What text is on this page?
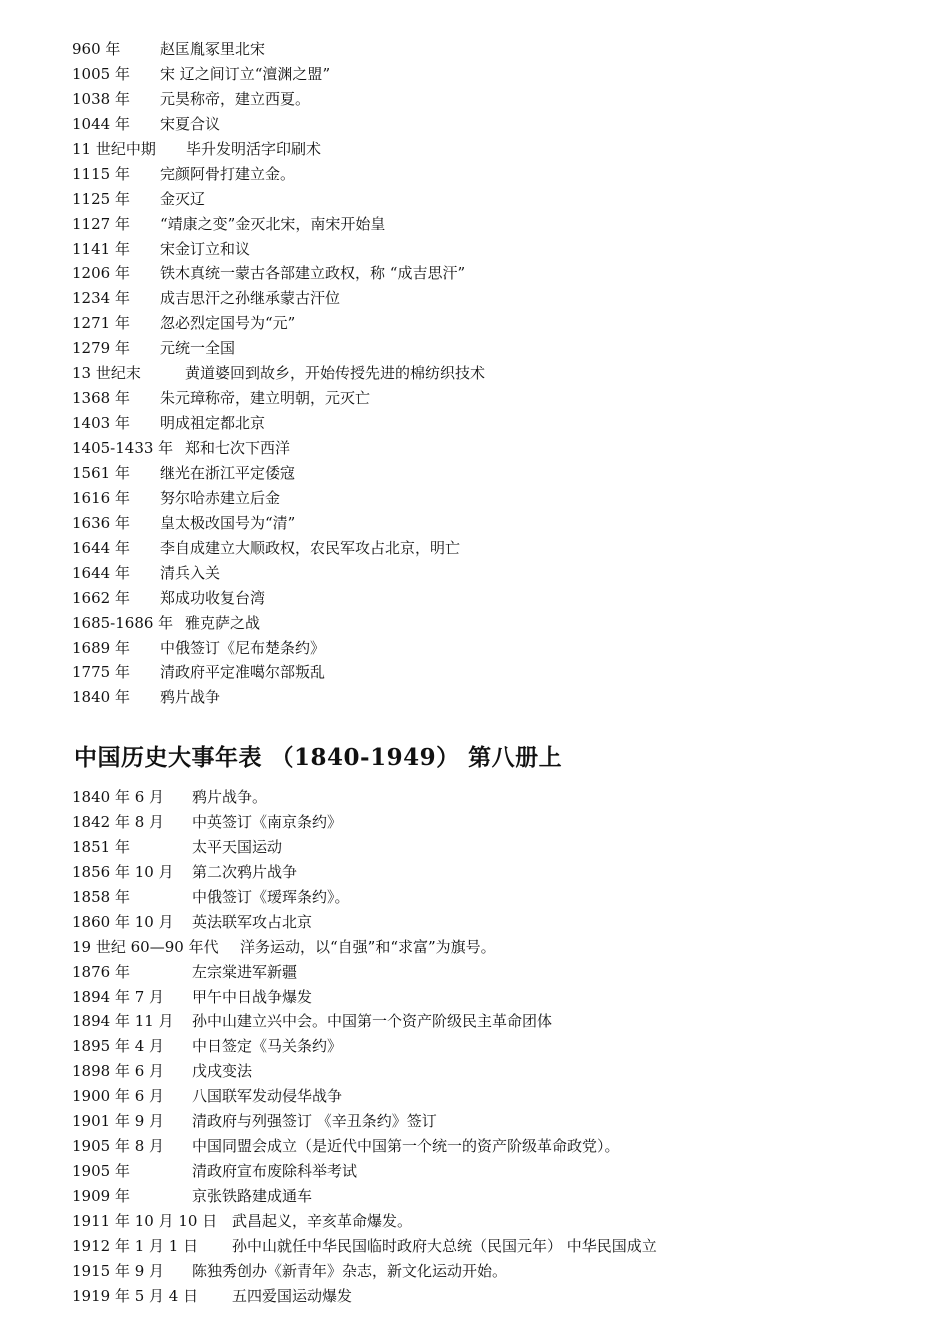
960 年	赵匡胤冢里北宋
1005 年 宋 辽之间订立“澶渊之盟”
1038 年 元昊称帝，建立西夏。
1044 年 宋夏合议
11 世纪中期 毕升发明活字印刷术
1115 年 完颜阿骨打建立金。
1125 年 金灭辽
1127 年 “靖康之变”金灭北宋，南宋开始皇
1141 年 宋金订立和议
1206 年 铁木真统一蒙古各部建立政权，称 “成吉思汗”
1234 年 成吉思汗之孙继承蒙古汗位
1271 年 忽必烈定国号为“元”
1279 年 元统一全国
13 世纪末	黄道婆回到故乡，开始传授先进的棉纺织技术
1368 年 朱元璋称帝，建立明朝，元灭亡
1403 年 明成祖定都北京
1405-1433 年 郑和七次下西洋
1561 年 继光在浙江平定倭寇
1616 年 努尔哈赤建立后金
1636 年 皇太极改国号为“清”
1644 年 李自成建立大顺政权，农民军攻占北京，明亡
1644 年 清兵入关
1662 年 郑成功收复台湾
1685-1686 年 雅克萨之战
1689 年 中俄签订《尼布楚条约》
1775 年 清政府平定准噶尔部叛乱
1840 年 鸦片战争
中国历史大事年表 （1840-1949） 第八册上
1840 年 6 月 鸦片战争。
1842 年 8 月 中英签订《南京条约》
1851 年	太平天国运动
1856 年 10 月 第二次鸦片战争
1858 年	中俄签订《瑷珲条约》。
1860 年 10 月 英法联军攻占北京
19 世纪 60—90 年代 洋务运动，以“自强”和“求富”为旗号。
1876 年	左宗棠进军新疆
1894 年 7 月 甲午中日战争爆发
1894 年 11 月 孙中山建立兴中会。中国第一个资产阶级民主革命团体
1895 年 4 月 中日签定《马关条约》
1898 年 6 月 戊戌变法
1900 年 6 月 八国联军发动侵华战争
1901 年 9 月 清政府与列强签订 《辛丑条约》签订
1905 年 8 月 中国同盟会成立（是近代中国第一个统一的资产阶级革命政党）。
1905 年	清政府宣布废除科举考试
1909 年	京张铁路建成通车
1911 年 10 月 10 日 武昌起义，辛亥革命爆发。
1912 年 1 月 1 日 孙中山就任中华民国临时政府大总统（民国元年） 中华民国成立
1915 年 9 月 陈独秀创办《新青年》杂志，新文化运动开始。
1919 年 5 月 4 日 五四爱国运动爆发
